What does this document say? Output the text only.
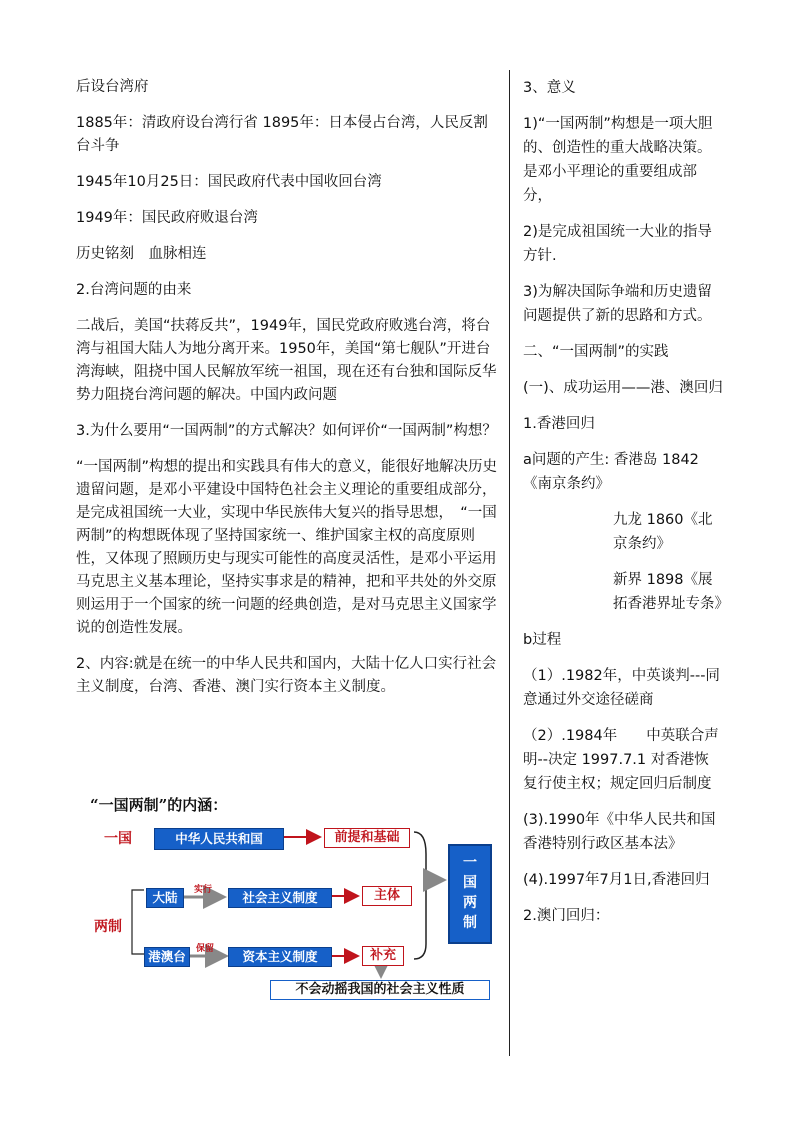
后设台湾府

1885年：清政府设台湾行省 1895年：日本侵占台湾，人民反割台斗争

1945年10月25日：国民政府代表中国收回台湾

1949年：国民政府败退台湾

历史铭刻　血脉相连

2.台湾问题的由来

二战后，美国“扶蒋反共”，1949年，国民党政府败逃台湾，将台湾与祖国大陆人为地分离开来。1950年，美国“第七舰队”开进台湾海峡，阻挠中国人民解放军统一祖国，现在还有台独和国际反华势力阻挠台湾问题的解决。中国内政问题

3.为什么要用“一国两制”的方式解决？如何评价“一国两制”构想？

“一国两制”构想的提出和实践具有伟大的意义，能很好地解决历史遗留问题，是邓小平建设中国特色社会主义理论的重要组成部分，是完成祖国统一大业，实现中华民族伟大复兴的指导思想，　“一国两制”的构想既体现了坚持国家统一、维护国家主权的高度原则性，又体现了照顾历史与现实可能性的高度灵活性，是邓小平运用马克思主义基本理论，坚持实事求是的精神，把和平共处的外交原则运用于一个国家的统一问题的经典创造，是对马克思主义国家学说的创造性发展。

2、内容:就是在统一的中华人民共和国内，大陆十亿人口实行社会主义制度，台湾、香港、澳门实行资本主义制度。

“一国两制”的内涵：
一国	中华人民共和国	前提和基础
两制
大陆	实行	社会主义制度	主体
港澳台	保留	资本主义制度	补充
一
国
两
制
不会动摇我国的社会主义性质

3、意义

1)“一国两制”构想是一项大胆的、创造性的重大战略决策。是邓小平理论的重要组成部分，

2)是完成祖国统一大业的指导方针.

3)为解决国际争端和历史遗留问题提供了新的思路和方式。

二、“一国两制”的实践

(一)、成功运用——港、澳回归

1.香港回归

a问题的产生: 香港岛 1842《南京条约》

九龙 1860《北京条约》

新界 1898《展拓香港界址专条》

b过程

（1）.1982年，中英谈判---同意通过外交途径磋商

（2）.1984年　　中英联合声明--决定 1997.7.1 对香港恢复行使主权；规定回归后制度

(3).1990年《中华人民共和国香港特别行政区基本法》

(4).1997年7月1日,香港回归

2.澳门回归：
